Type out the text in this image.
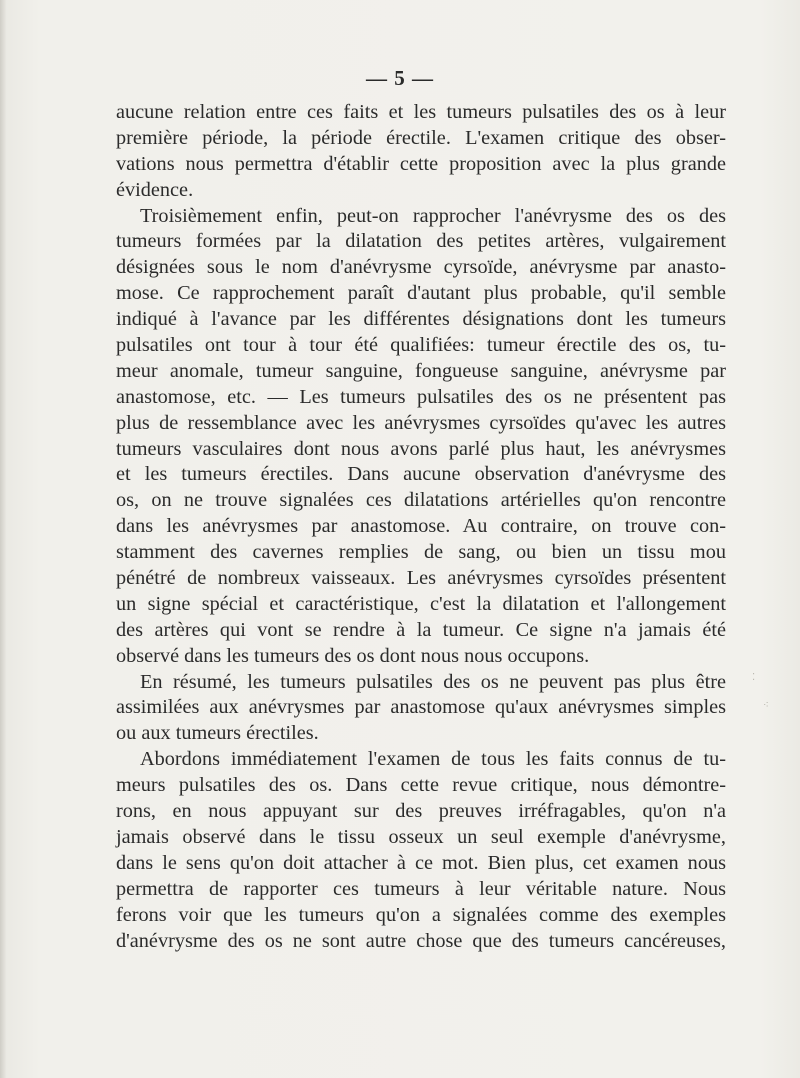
— 5 —
aucune relation entre ces faits et les tumeurs pulsatiles des os à leur
première période, la période érectile. L'examen critique des obser-
vations nous permettra d'établir cette proposition avec la plus grande
évidence.
Troisièmement enfin, peut-on rapprocher l'anévrysme des os des
tumeurs formées par la dilatation des petites artères, vulgairement
désignées sous le nom d'anévrysme cyrsoïde, anévrysme par anasto-
mose. Ce rapprochement paraît d'autant plus probable, qu'il semble
indiqué à l'avance par les différentes désignations dont les tumeurs
pulsatiles ont tour à tour été qualifiées: tumeur érectile des os, tu-
meur anomale, tumeur sanguine, fongueuse sanguine, anévrysme par
anastomose, etc. — Les tumeurs pulsatiles des os ne présentent pas
plus de ressemblance avec les anévrysmes cyrsoïdes qu'avec les autres
tumeurs vasculaires dont nous avons parlé plus haut, les anévrysmes
et les tumeurs érectiles. Dans aucune observation d'anévrysme des
os, on ne trouve signalées ces dilatations artérielles qu'on rencontre
dans les anévrysmes par anastomose. Au contraire, on trouve con-
stamment des cavernes remplies de sang, ou bien un tissu mou
pénétré de nombreux vaisseaux. Les anévrysmes cyrsoïdes présentent
un signe spécial et caractéristique, c'est la dilatation et l'allongement
des artères qui vont se rendre à la tumeur. Ce signe n'a jamais été
observé dans les tumeurs des os dont nous nous occupons.
En résumé, les tumeurs pulsatiles des os ne peuvent pas plus être
assimilées aux anévrysmes par anastomose qu'aux anévrysmes simples
ou aux tumeurs érectiles.
Abordons immédiatement l'examen de tous les faits connus de tu-
meurs pulsatiles des os. Dans cette revue critique, nous démontre-
rons, en nous appuyant sur des preuves irréfragables, qu'on n'a
jamais observé dans le tissu osseux un seul exemple d'anévrysme,
dans le sens qu'on doit attacher à ce mot. Bien plus, cet examen nous
permettra de rapporter ces tumeurs à leur véritable nature. Nous
ferons voir que les tumeurs qu'on a signalées comme des exemples
d'anévrysme des os ne sont autre chose que des tumeurs cancéreuses,
⁚
⁖
